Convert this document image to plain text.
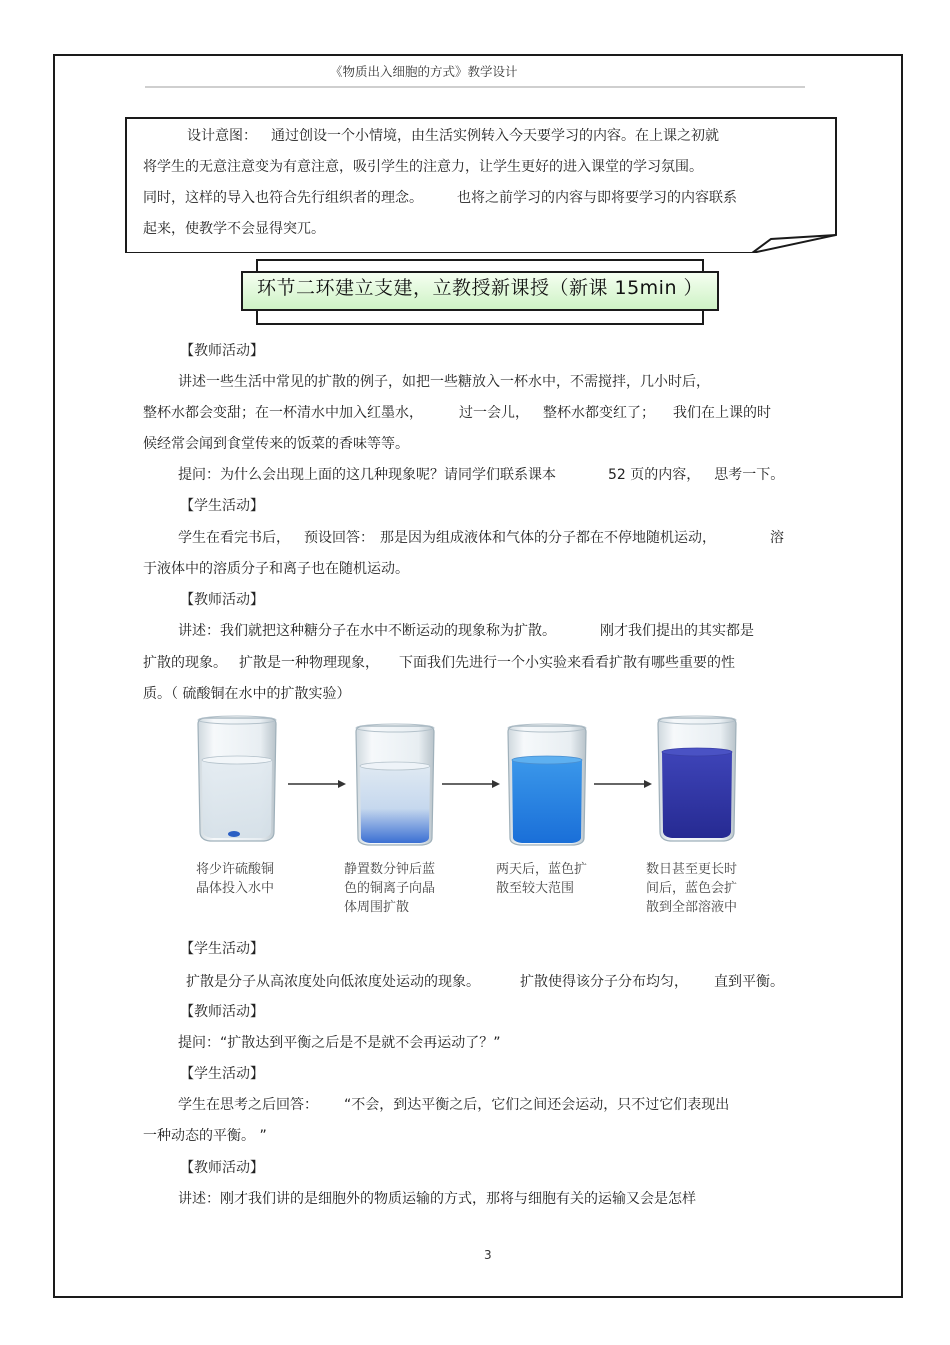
《物质出入细胞的方式》教学设计
设计意图： 通过创设一个小情境，由生活实例转入今天要学习的内容。在上课之初就
将学生的无意注意变为有意注意，吸引学生的注意力，让学生更好的进入课堂的学习氛围。
同时，这样的导入也符合先行组织者的理念。 也将之前学习的内容与即将要学习的内容联系
起来，使教学不会显得突兀。
环节二环建立支建，立教授新课授（新课 15min ）
【教师活动】
讲述一些生活中常见的扩散的例子，如把一些糖放入一杯水中，不需搅拌，几小时后，
整杯水都会变甜；在一杯清水中加入红墨水，	过一会儿， 整杯水都变红了； 我们在上课的时
候经常会闻到食堂传来的饭菜的香味等等。
提问：为什么会出现上面的这几种现象呢？请同学们联系课本	52 页的内容， 思考一下。
【学生活动】
学生在看完书后， 预设回答： 那是因为组成液体和气体的分子都在不停地随机运动，	溶
于液体中的溶质分子和离子也在随机运动。
【教师活动】
讲述：我们就把这种糖分子在水中不断运动的现象称为扩散。	刚才我们提出的其实都是
扩散的现象。 扩散是一种物理现象， 下面我们先进行一个小实验来看看扩散有哪些重要的性
质。（ 硫酸铜在水中的扩散实验）
将少许硫酸铜
晶体投入水中
静置数分钟后蓝
色的铜离子向晶
体周围扩散
两天后，蓝色扩
散至较大范围
数日甚至更长时
间后，蓝色会扩
散到全部溶液中
【学生活动】
扩散是分子从高浓度处向低浓度处运动的现象。	扩散使得该分子分布均匀， 直到平衡。
【教师活动】
提问：“扩散达到平衡之后是不是就不会再运动了？”
【学生活动】
学生在思考之后回答： “不会，到达平衡之后，它们之间还会运动，只不过它们表现出
一种动态的平衡。 ”
【教师活动】
讲述：刚才我们讲的是细胞外的物质运输的方式，那将与细胞有关的运输又会是怎样
3
